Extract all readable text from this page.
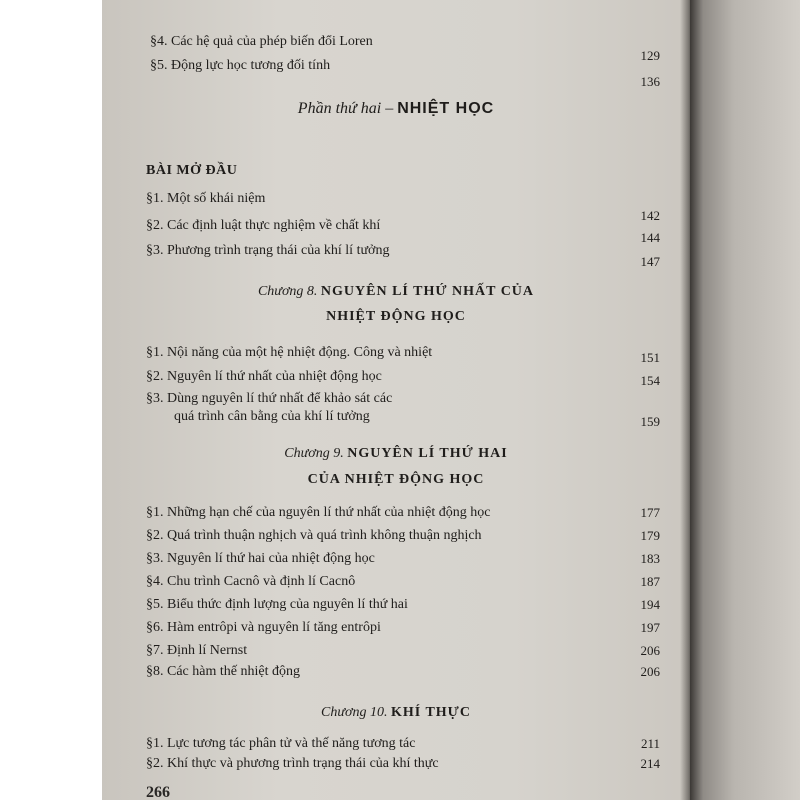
§4. Các hệ quả của phép biến đổi Loren
129
§5. Động lực học tương đối tính
136
Phần thứ hai – NHIỆT HỌC
BÀI MỞ ĐẦU
§1. Một số khái niệm
142
§2. Các định luật thực nghiệm về chất khí
144
§3. Phương trình trạng thái của khí lí tưởng
147
Chương 8. NGUYÊN LÍ THỨ NHẤT CỦA
NHIỆT ĐỘNG HỌC
§1. Nội năng của một hệ nhiệt động. Công và nhiệt	151
§2. Nguyên lí thứ nhất của nhiệt động học	154
§3. Dùng nguyên lí thứ nhất để khảo sát các
quá trình cân bằng của khí lí tưởng	159
Chương 9. NGUYÊN LÍ THỨ HAI
CỦA NHIỆT ĐỘNG HỌC
§1. Những hạn chế của nguyên lí thứ nhất của nhiệt động học	177
§2. Quá trình thuận nghịch và quá trình không thuận nghịch	179
§3. Nguyên lí thứ hai của nhiệt động học	183
§4. Chu trình Cacnô và định lí Cacnô	187
§5. Biểu thức định lượng của nguyên lí thứ hai	194
§6. Hàm entrôpi và nguyên lí tăng entrôpi	197
§7. Định lí Nernst	206
§8. Các hàm thế nhiệt động	206
Chương 10. KHÍ THỰC
§1. Lực tương tác phân tử và thế năng tương tác	211
§2. Khí thực và phương trình trạng thái của khí thực	214
266
